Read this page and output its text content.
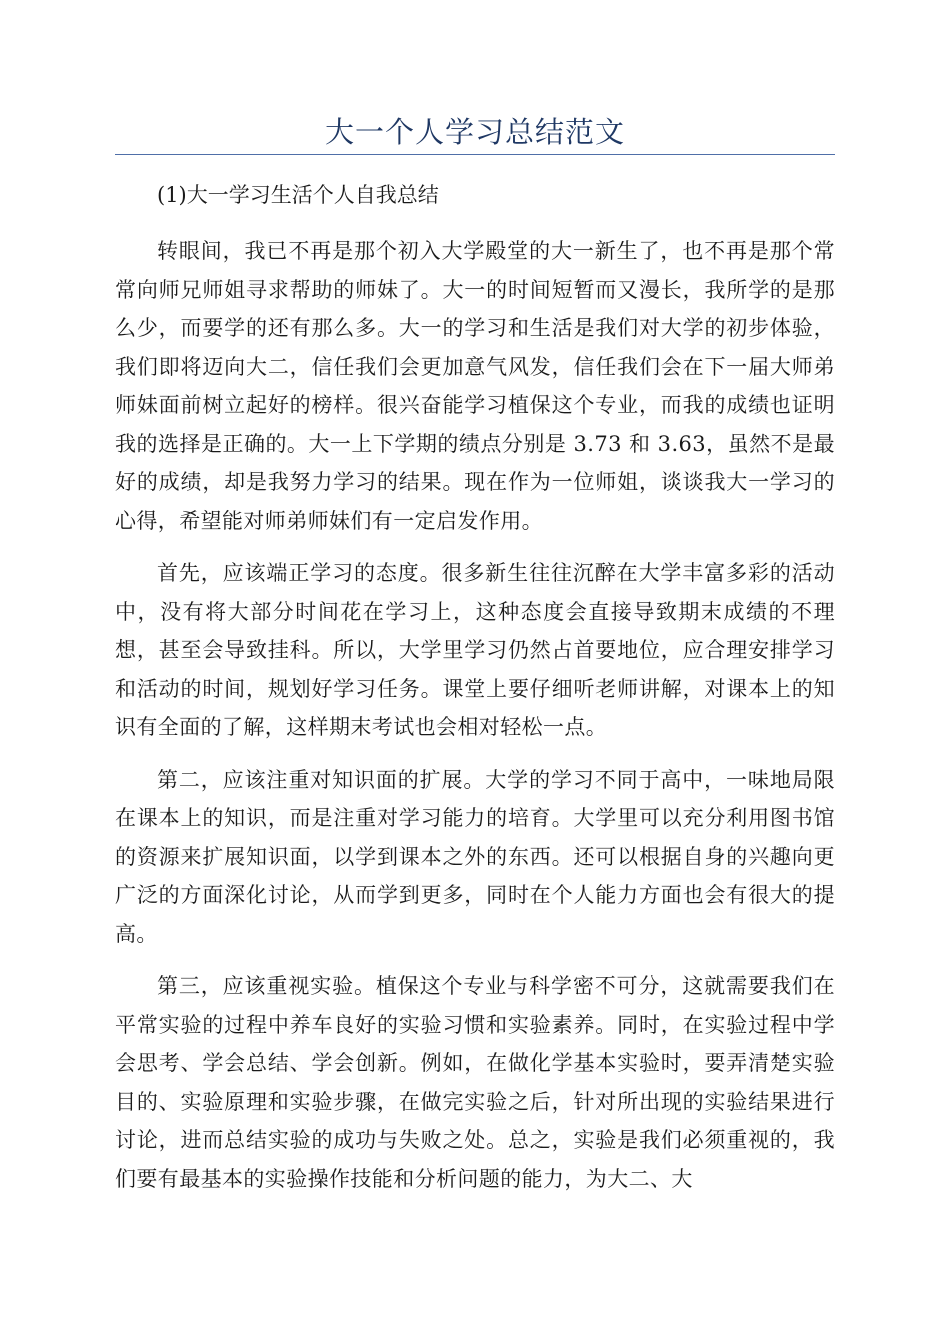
大一个人学习总结范文

(1)大一学习生活个人自我总结

转眼间，我已不再是那个初入大学殿堂的大一新生了，也不再是那个常常向师兄师姐寻求帮助的师妹了。大一的时间短暂而又漫长，我所学的是那么少，而要学的还有那么多。大一的学习和生活是我们对大学的初步体验，我们即将迈向大二，信任我们会更加意气风发，信任我们会在下一届大师弟师妹面前树立起好的榜样。很兴奋能学习植保这个专业，而我的成绩也证明我的选择是正确的。大一上下学期的绩点分别是 3.73 和 3.63，虽然不是最好的成绩，却是我努力学习的结果。现在作为一位师姐，谈谈我大一学习的心得，希望能对师弟师妹们有一定启发作用。

首先，应该端正学习的态度。很多新生往往沉醉在大学丰富多彩的活动中，没有将大部分时间花在学习上，这种态度会直接导致期末成绩的不理想，甚至会导致挂科。所以，大学里学习仍然占首要地位，应合理安排学习和活动的时间，规划好学习任务。课堂上要仔细听老师讲解，对课本上的知识有全面的了解，这样期末考试也会相对轻松一点。

第二，应该注重对知识面的扩展。大学的学习不同于高中，一味地局限在课本上的知识，而是注重对学习能力的培育。大学里可以充分利用图书馆的资源来扩展知识面，以学到课本之外的东西。还可以根据自身的兴趣向更广泛的方面深化讨论，从而学到更多，同时在个人能力方面也会有很大的提高。

第三，应该重视实验。植保这个专业与科学密不可分，这就需要我们在平常实验的过程中养车良好的实验习惯和实验素养。同时，在实验过程中学会思考、学会总结、学会创新。例如，在做化学基本实验时，要弄清楚实验目的、实验原理和实验步骤，在做完实验之后，针对所出现的实验结果进行讨论，进而总结实验的成功与失败之处。总之，实验是我们必须重视的，我们要有最基本的实验操作技能和分析问题的能力，为大二、大
